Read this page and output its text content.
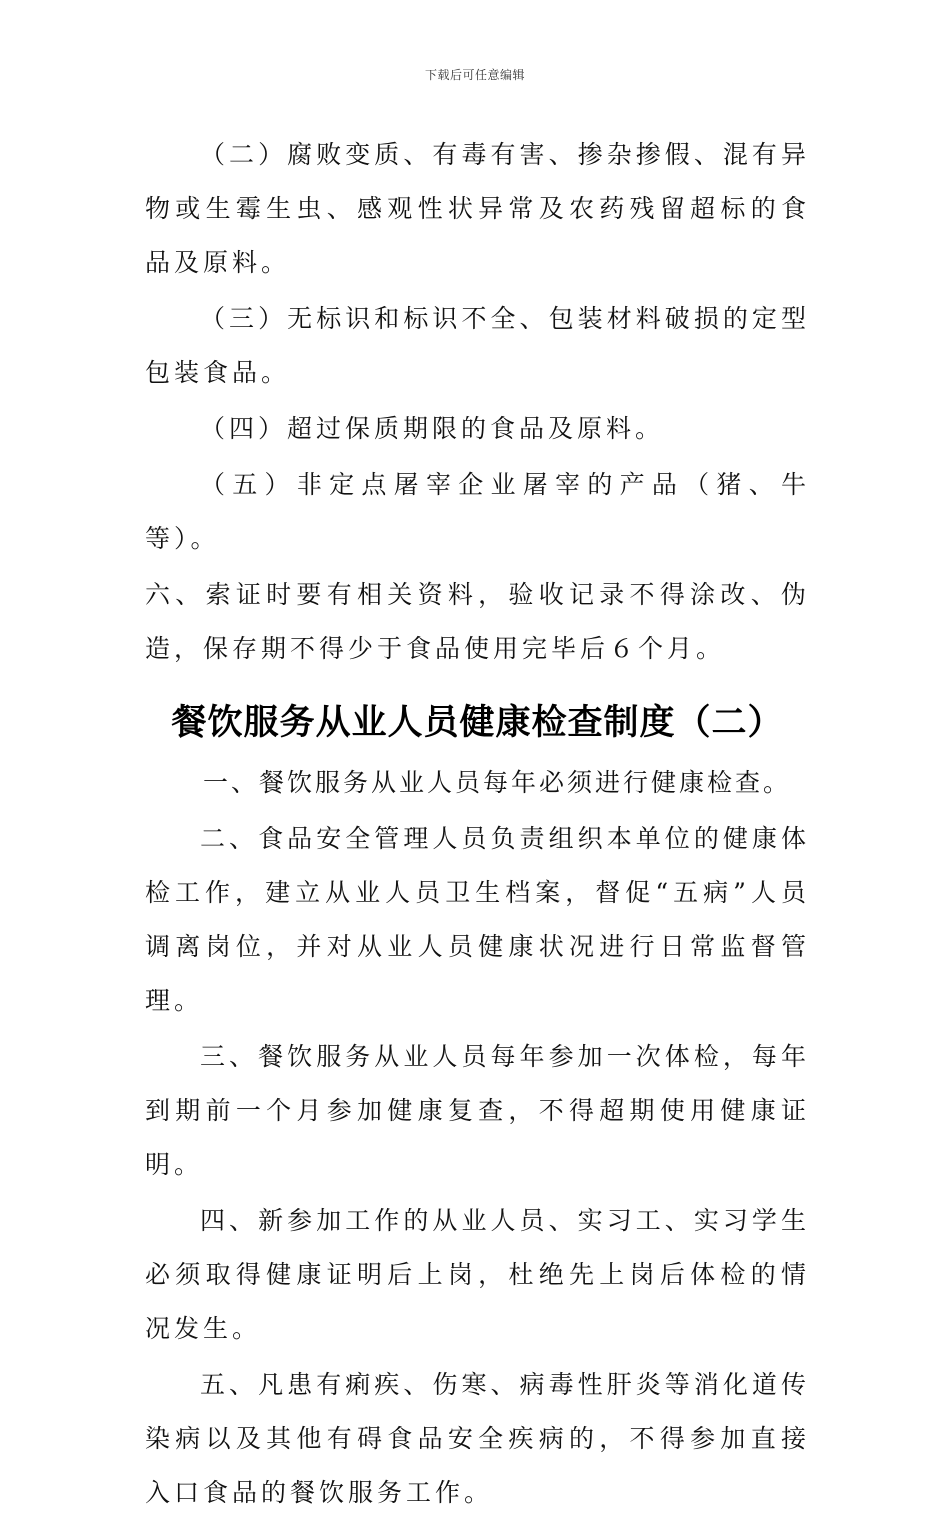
下载后可任意编辑

（二）腐败变质、有毒有害、掺杂掺假、混有异物或生霉生虫、感观性状异常及农药残留超标的食品及原料。

（三）无标识和标识不全、包装材料破损的定型包装食品。

（四）超过保质期限的食品及原料。

（五）非定点屠宰企业屠宰的产品（猪、牛等）。

六、索证时要有相关资料，验收记录不得涂改、伪造，保存期不得少于食品使用完毕后６个月。

餐饮服务从业人员健康检查制度（二）

一、餐饮服务从业人员每年必须进行健康检查。

二、食品安全管理人员负责组织本单位的健康体检工作，建立从业人员卫生档案，督促“五病”人员调离岗位，并对从业人员健康状况进行日常监督管理。

三、餐饮服务从业人员每年参加一次体检，每年到期前一个月参加健康复查，不得超期使用健康证明。

四、新参加工作的从业人员、实习工、实习学生必须取得健康证明后上岗，杜绝先上岗后体检的情况发生。

五、凡患有痢疾、伤寒、病毒性肝炎等消化道传染病以及其他有碍食品安全疾病的，不得参加直接入口食品的餐饮服务工作。
